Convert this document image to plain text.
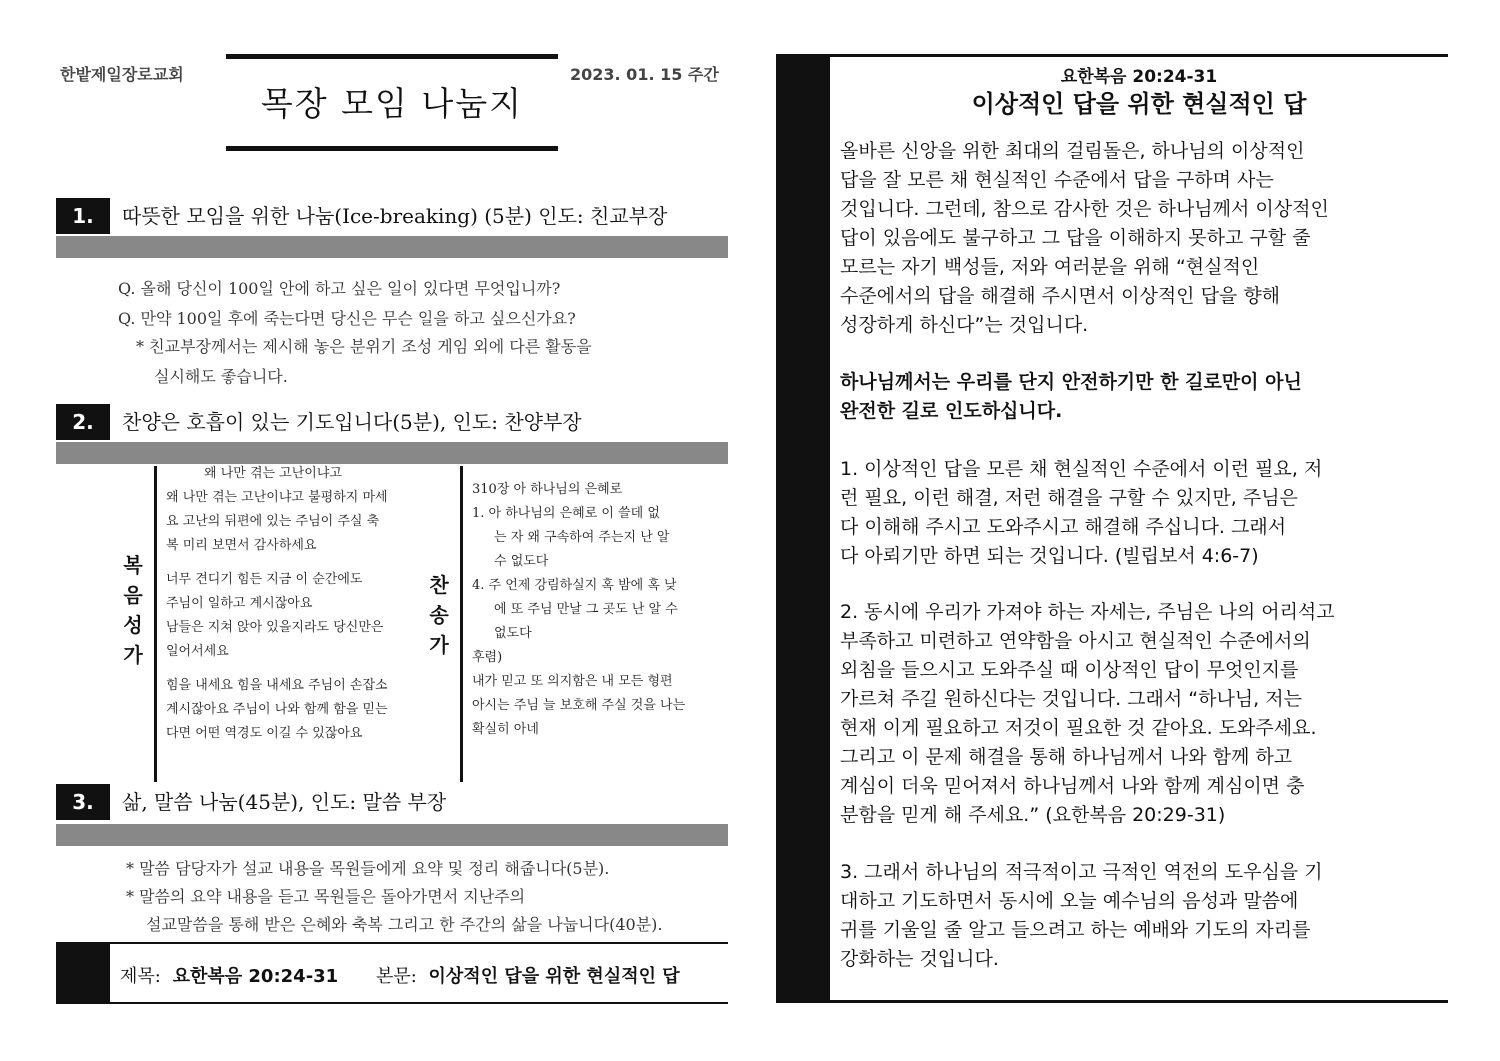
한밭제일장로교회	2023. 01. 15 주간
목장 모임 나눔지
1.	따뜻한 모임을 위한 나눔(Ice-breaking) (5분) 인도: 친교부장
Q. 올해 당신이 100일 안에 하고 싶은 일이 있다면 무엇입니까?
Q. 만약 100일 후에 죽는다면 당신은 무슨 일을 하고 싶으신가요?
* 친교부장께서는 제시해 놓은 분위기 조성 게임 외에 다른 활동을
실시해도 좋습니다.
2.	찬양은 호흡이 있는 기도입니다(5분), 인도: 찬양부장
복
음
성
가
왜 나만 겪는 고난이냐고
왜 나만 겪는 고난이냐고 불평하지 마세
요 고난의 뒤편에 있는 주님이 주실 축
복 미리 보면서 감사하세요
너무 견디기 힘든 지금 이 순간에도
주님이 일하고 계시잖아요
남들은 지쳐 앉아 있을지라도 당신만은
일어서세요
힘을 내세요 힘을 내세요 주님이 손잡소
계시잖아요 주님이 나와 함께 함을 믿는
다면 어떤 역경도 이길 수 있잖아요
찬
송
가
310장 아 하나님의 은혜로
1. 아 하나님의 은혜로 이 쓸데 없
는 자 왜 구속하여 주는지 난 알
수 없도다
4. 주 언제 강림하실지 혹 밤에 혹 낮
에 또 주님 만날 그 곳도 난 알 수
없도다
후렴)
내가 믿고 또 의지함은 내 모든 형편
아시는 주님 늘 보호해 주실 것을 나는
확실히 아네
3.	삶, 말씀 나눔(45분), 인도: 말씀 부장
* 말씀 담당자가 설교 내용을 목원들에게 요약 및 정리 해줍니다(5분).
* 말씀의 요약 내용을 듣고 목원들은 돌아가면서 지난주의
설교말씀을 통해 받은 은혜와 축복 그리고 한 주간의 삶을 나눕니다(40분).
제목: 요한복음 20:24-31 본문: 이상적인 답을 위한 현실적인 답
요한복음 20:24-31
이상적인 답을 위한 현실적인 답
올바른 신앙을 위한 최대의 걸림돌은, 하나님의 이상적인
답을 잘 모른 채 현실적인 수준에서 답을 구하며 사는
것입니다. 그런데, 참으로 감사한 것은 하나님께서 이상적인
답이 있음에도 불구하고 그 답을 이해하지 못하고 구할 줄
모르는 자기 백성들, 저와 여러분을 위해 “현실적인
수준에서의 답을 해결해 주시면서 이상적인 답을 향해
성장하게 하신다”는 것입니다.
하나님께서는 우리를 단지 안전하기만 한 길로만이 아닌
완전한 길로 인도하십니다.
1. 이상적인 답을 모른 채 현실적인 수준에서 이런 필요, 저
런 필요, 이런 해결, 저런 해결을 구할 수 있지만, 주님은
다 이해해 주시고 도와주시고 해결해 주십니다. 그래서
다 아뢰기만 하면 되는 것입니다. (빌립보서 4:6-7)
2. 동시에 우리가 가져야 하는 자세는, 주님은 나의 어리석고
부족하고 미련하고 연약함을 아시고 현실적인 수준에서의
외침을 들으시고 도와주실 때 이상적인 답이 무엇인지를
가르쳐 주길 원하신다는 것입니다. 그래서 “하나님, 저는
현재 이게 필요하고 저것이 필요한 것 같아요. 도와주세요.
그리고 이 문제 해결을 통해 하나님께서 나와 함께 하고
계심이 더욱 믿어져서 하나님께서 나와 함께 계심이면 충
분함을 믿게 해 주세요.” (요한복음 20:29-31)
3. 그래서 하나님의 적극적이고 극적인 역전의 도우심을 기
대하고 기도하면서 동시에 오늘 예수님의 음성과 말씀에
귀를 기울일 줄 알고 들으려고 하는 예배와 기도의 자리를
강화하는 것입니다.
